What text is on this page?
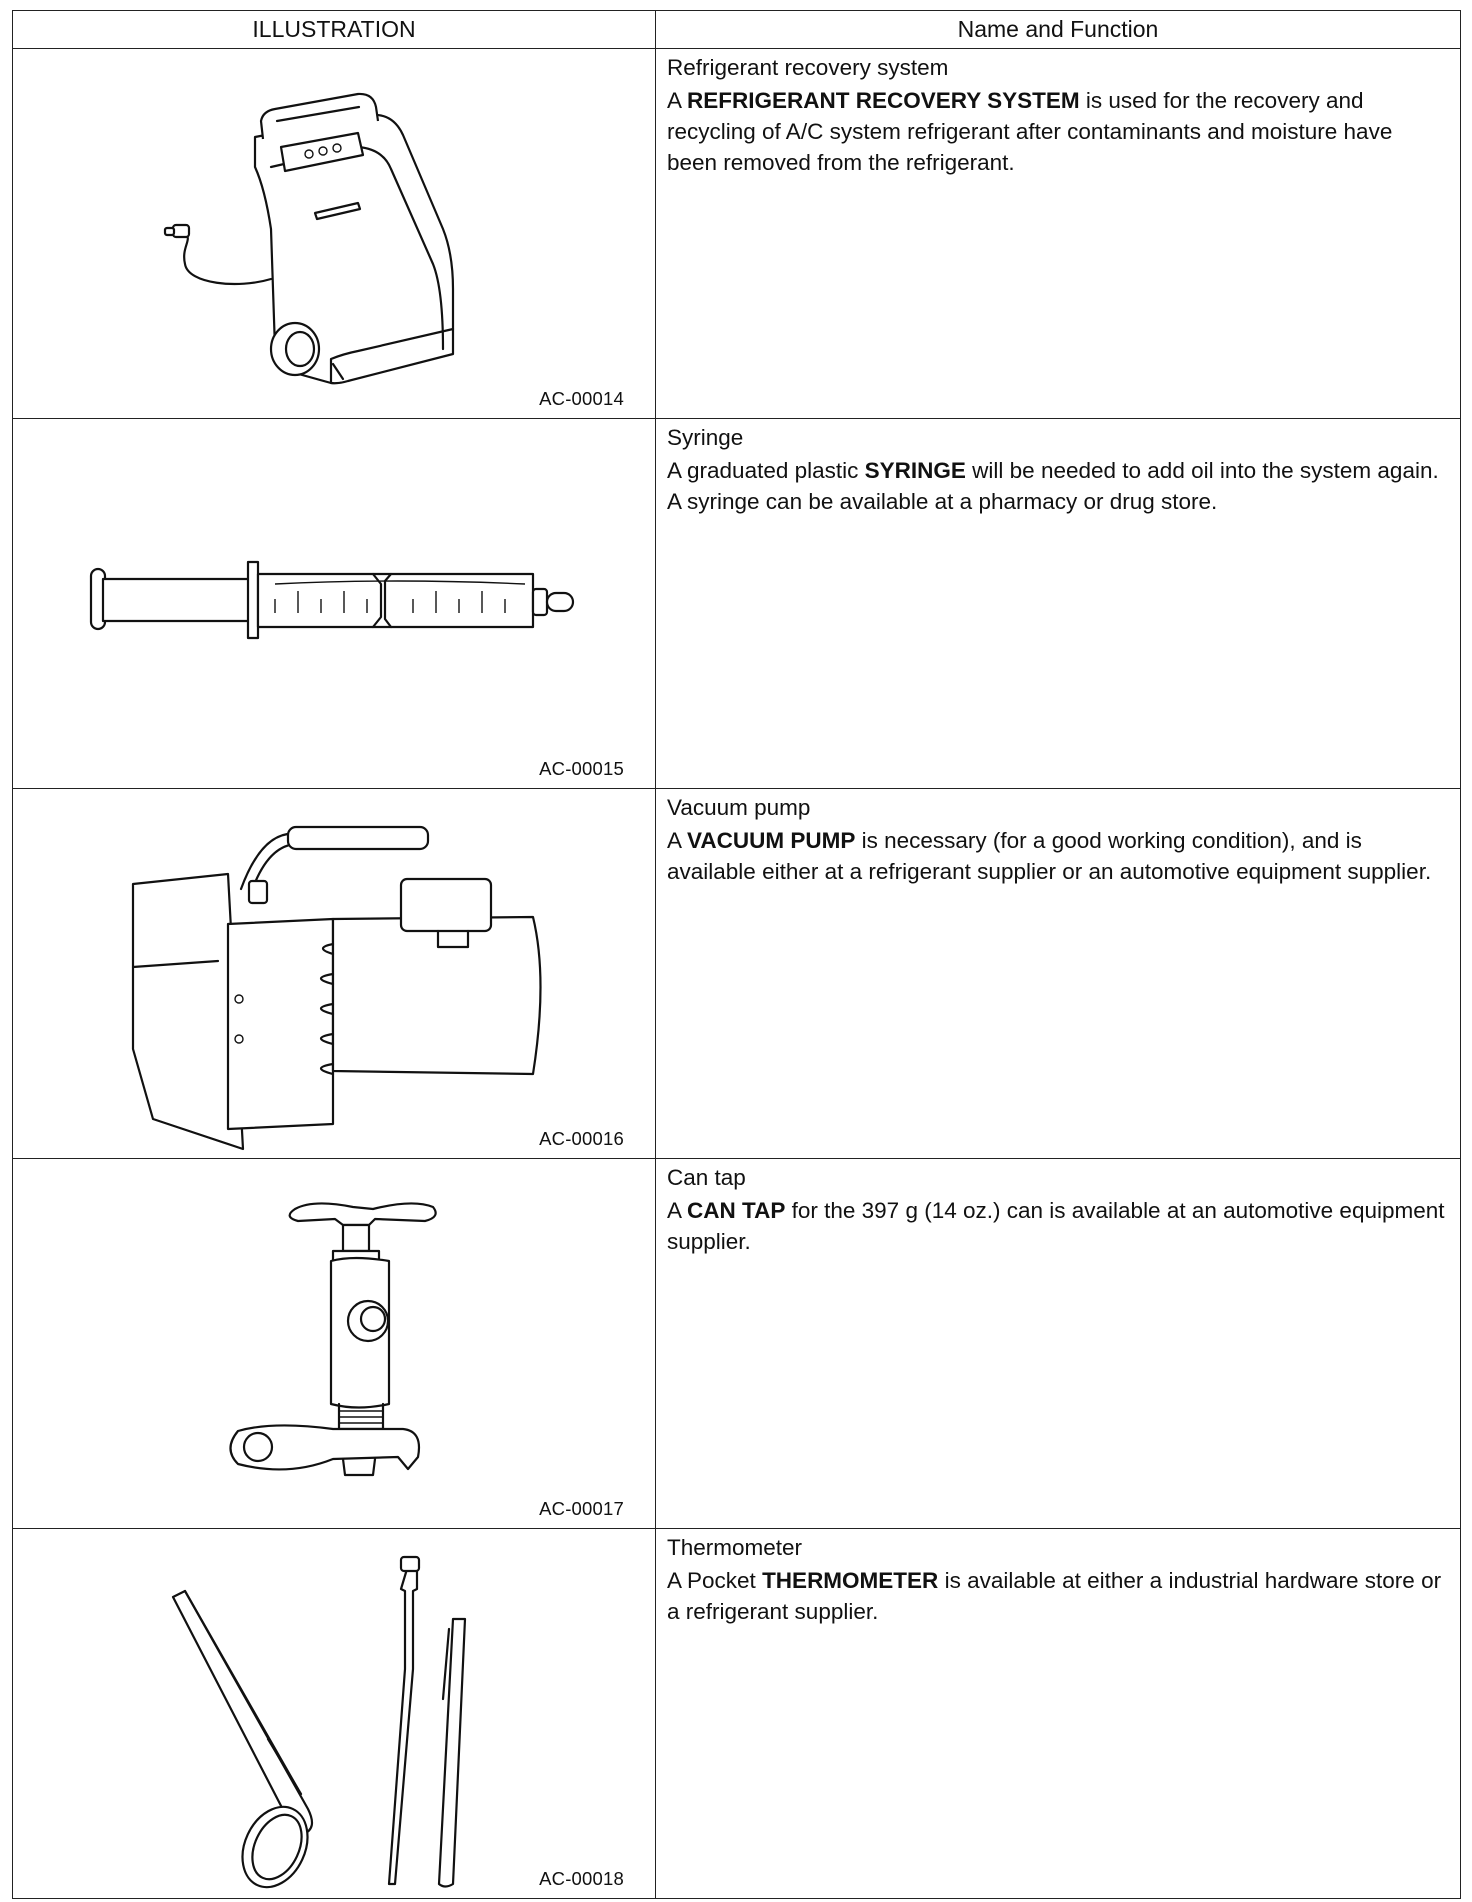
ILLUSTRATION	Name and Function

AC-00014	Refrigerant recovery system

A REFRIGERANT RECOVERY SYSTEM is used for the recovery and recycling of A/C system refrigerant after contaminants and moisture have been removed from the refrigerant.

AC-00015	Syringe

A graduated plastic SYRINGE will be needed to add oil into the system again. A syringe can be available at a pharmacy or drug store.

AC-00016	Vacuum pump

A VACUUM PUMP is necessary (for a good working condition), and is available either at a refrigerant supplier or an automotive equipment supplier.

AC-00017	Can tap

A CAN TAP for the 397 g (14 oz.) can is available at an automotive equipment supplier.

AC-00018	Thermometer

A Pocket THERMOMETER is available at either a industrial hardware store or a refrigerant supplier.
